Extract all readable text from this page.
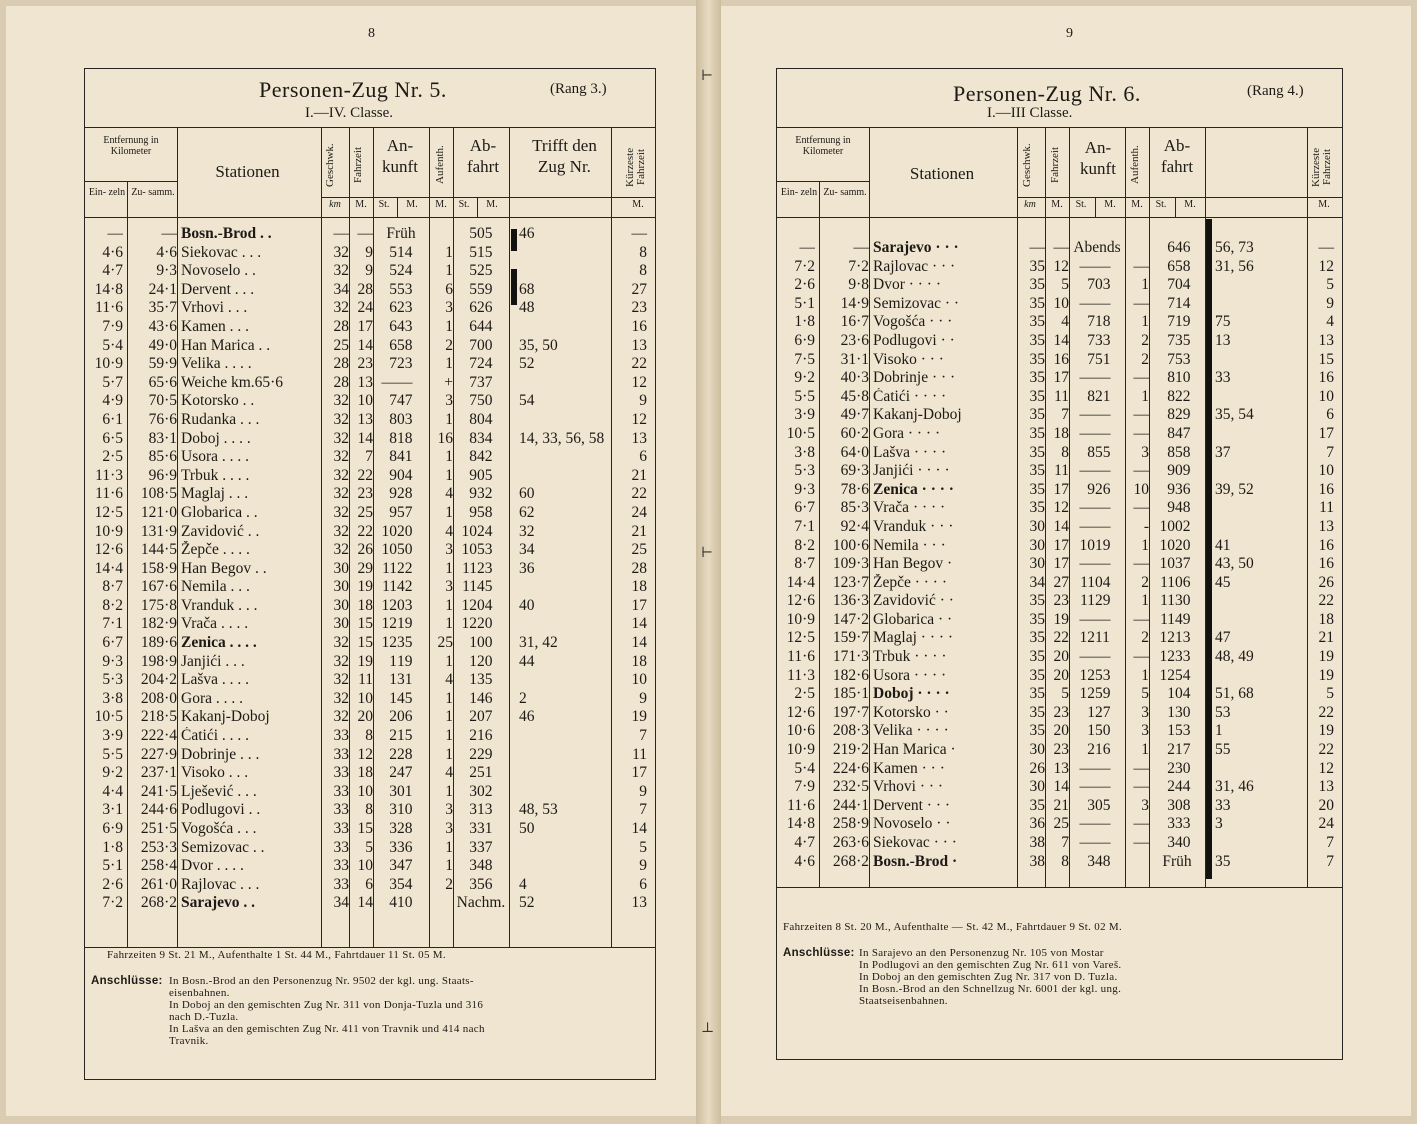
⊢
⊢
⊥
8
Personen-Zug Nr. 5.	(Rang 3.)
I.—IV. Classe.
Entfernung in Kilometer
Ein- zeln Zu- samm.
Stationen	Geschwk.	Fahrzeit
An- kunft	Aufenth.
Ab- fahrt
Trifft den Zug Nr.	Kürzeste Fahrzeit
km	M.	St.	M.	M.	St.	M.	M.
—	—	Bosn.-Brod . .	—	—	Früh			5	05	46	—
4·6	4·6	Siekovac . . .	32	9	5	14	1	5	15		8
4·7	9·3	Novoselo . .	32	9	5	24	1	5	25		8
14·8	24·1	Dervent . . .	34	28	5	53	6	5	59	68	27
11·6	35·7	Vrhovi . . .	32	24	6	23	3	6	26	48	23
7·9	43·6	Kamen . . .	28	17	6	43	1	6	44		16
5·4	49·0	Han Marica . .	25	14	6	58	2	7	00	35, 50	13
10·9	59·9	Velika . . . .	28	23	7	23	1	7	24	52	22
5·7	65·6	Weiche km.65·6	28	13	—	—	+	7	37		12
4·9	70·5	Kotorsko . .	32	10	7	47	3	7	50	54	9
6·1	76·6	Rudanka . . .	32	13	8	03	1	8	04		12
6·5	83·1	Doboj . . . .	32	14	8	18	16	8	34	14, 33, 56, 58	13
2·5	85·6	Usora . . . .	32	7	8	41	1	8	42		6
11·3	96·9	Trbuk . . . .	32	22	9	04	1	9	05		21
11·6	108·5	Maglaj . . .	32	23	9	28	4	9	32	60	22
12·5	121·0	Globarica . .	32	25	9	57	1	9	58	62	24
10·9	131·9	Zavidović . .	32	22	10	20	4	10	24	32	21
12·6	144·5	Žepče . . . .	32	26	10	50	3	10	53	34	25
14·4	158·9	Han Begov . .	30	29	11	22	1	11	23	36	28
8·7	167·6	Nemila . . .	30	19	11	42	3	11	45		18
8·2	175·8	Vranduk . . .	30	18	12	03	1	12	04	40	17
7·1	182·9	Vrača . . . .	30	15	12	19	1	12	20		14
6·7	189·6	Zenica . . . .	32	15	12	35	25	1	00	31, 42	14
9·3	198·9	Janjići . . .	32	19	1	19	1	1	20	44	18
5·3	204·2	Lašva . . . .	32	11	1	31	4	1	35		10
3·8	208·0	Gora . . . .	32	10	1	45	1	1	46	2	9
10·5	218·5	Kakanj-Doboj	32	20	2	06	1	2	07	46	19
3·9	222·4	Ćatići . . . .	33	8	2	15	1	2	16		7
5·5	227·9	Dobrinje . . .	33	12	2	28	1	2	29		11
9·2	237·1	Visoko . . .	33	18	2	47	4	2	51		17
4·4	241·5	Lješević . . .	33	10	3	01	1	3	02		9
3·1	244·6	Podlugovi . .	33	8	3	10	3	3	13	48, 53	7
6·9	251·5	Vogošća . . .	33	15	3	28	3	3	31	50	14
1·8	253·3	Semizovac . .	33	5	3	36	1	3	37		5
5·1	258·4	Dvor . . . .	33	10	3	47	1	3	48		9
2·6	261·0	Rajlovac . . .	33	6	3	54	2	3	56	4	6
7·2	268·2	Sarajevo . .	34	14	4	10		Nachm.		52	13
Fahrzeiten 9 St. 21 M., Aufenthalte 1 St. 44 M., Fahrtdauer 11 St. 05 M.
Anschlüsse: In Bosn.-Brod an den Personenzug Nr. 9502 der kgl. ung. Staats-
eisenbahnen.
In Doboj an den gemischten Zug Nr. 311 von Donja-Tuzla und 316
nach D.-Tuzla.
In Lašva an den gemischten Zug Nr. 411 von Travnik und 414 nach
Travnik.
9
Personen-Zug Nr. 6.	(Rang 4.)
I.—III Classe.
Entfernung in Kilometer
Ein- zeln Zu- samm.
Stationen	Geschwk.	Fahrzeit	An- kunft	Aufenth.
Ab- fahrt	Kürzeste Fahrzeit
km	M.	St.	M.	M.	St.	M.	M.
—	—	Sarajevo · · ·	—	—	Abends			6	46	56, 73	—
7·2	7·2	Rajlovac · · ·	35	12	—	—	—	6	58	31, 56	12
2·6	9·8	Dvor · · · ·	35	5	7	03	1	7	04		5
5·1	14·9	Semizovac · ·	35	10	—	—	—	7	14		9
1·8	16·7	Vogošća · · ·	35	4	7	18	1	7	19	75	4
6·9	23·6	Podlugovi · ·	35	14	7	33	2	7	35	13	13
7·5	31·1	Visoko · · ·	35	16	7	51	2	7	53		15
9·2	40·3	Dobrinje · · ·	35	17	—	—	—	8	10	33	16
5·5	45·8	Ćatići · · · ·	35	11	8	21	1	8	22		10
3·9	49·7	Kakanj-Doboj	35	7	—	—	—	8	29	35, 54	6
10·5	60·2	Gora · · · ·	35	18	—	—	—	8	47		17
3·8	64·0	Lašva · · · ·	35	8	8	55	3	8	58	37	7
5·3	69·3	Janjići · · · ·	35	11	—	—	—	9	09		10
9·3	78·6	Zenica · · · ·	35	17	9	26	10	9	36	39, 52	16
6·7	85·3	Vrača · · · ·	35	12	—	—	—	9	48		11
7·1	92·4	Vranduk · · ·	30	14	—	—	-	10	02		13
8·2	100·6	Nemila · · ·	30	17	10	19	1	10	20	41	16
8·7	109·3	Han Begov ·	30	17	—	—	—	10	37	43, 50	16
14·4	123·7	Žepče · · · ·	34	27	11	04	2	11	06	45	26
12·6	136·3	Zavidović · ·	35	23	11	29	1	11	30		22
10·9	147·2	Globarica · ·	35	19	—	—	—	11	49		18
12·5	159·7	Maglaj · · · ·	35	22	12	11	2	12	13	47	21
11·6	171·3	Trbuk · · · ·	35	20	—	—	—	12	33	48, 49	19
11·3	182·6	Usora · · · ·	35	20	12	53	1	12	54		19
2·5	185·1	Doboj · · · ·	35	5	12	59	5	1	04	51, 68	5
12·6	197·7	Kotorsko · ·	35	23	1	27	3	1	30	53	22
10·6	208·3	Velika · · · ·	35	20	1	50	3	1	53	1	19
10·9	219·2	Han Marica ·	30	23	2	16	1	2	17	55	22
5·4	224·6	Kamen · · ·	26	13	—	—	—	2	30		12
7·9	232·5	Vrhovi · · ·	30	14	—	—	—	2	44	31, 46	13
11·6	244·1	Dervent · · ·	35	21	3	05	3	3	08	33	20
14·8	258·9	Novoselo · ·	36	25	—	—	—	3	33	3	24
4·7	263·6	Siekovac · · ·	38	7	—	—	—	3	40		7
4·6	268·2	Bosn.-Brod ·	38	8	3	48		Früh		35	7
Fahrzeiten 8 St. 20 M., Aufenthalte — St. 42 M., Fahrtdauer 9 St. 02 M.
Anschlüsse: In Sarajevo an den Personenzug Nr. 105 von Mostar
In Podlugovi an den gemischten Zug Nr. 611 von Vareš.
In Doboj an den gemischten Zug Nr. 317 von D. Tuzla.
In Bosn.-Brod an den Schnellzug Nr. 6001 der kgl. ung.
Staatseisenbahnen.
